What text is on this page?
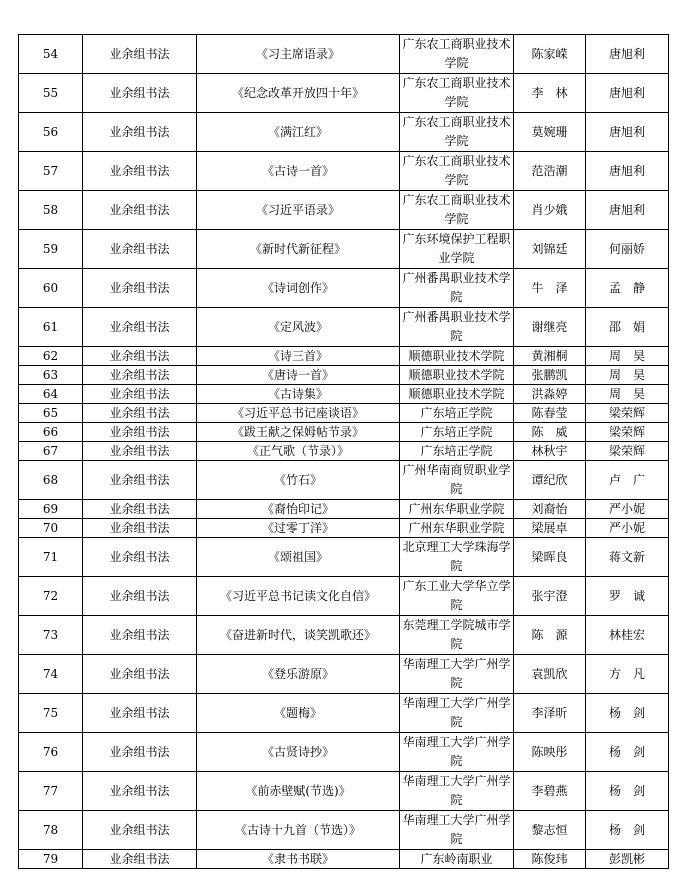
54	业余组书法	《习主席语录》	广东农工商职业技术学院	陈家嵘	唐旭利
55	业余组书法	《纪念改革开放四十年》	广东农工商职业技术学院	李　林	唐旭利
56	业余组书法	《满江红》	广东农工商职业技术学院	莫婉珊	唐旭利
57	业余组书法	《古诗一首》	广东农工商职业技术学院	范浩潮	唐旭利
58	业余组书法	《习近平语录》	广东农工商职业技术学院	肖少娥	唐旭利
59	业余组书法	《新时代新征程》	广东环境保护工程职业学院	刘锦廷	何丽娇
60	业余组书法	《诗词创作》	广州番禺职业技术学院	牛　泽	孟　静
61	业余组书法	《定风波》	广州番禺职业技术学院	谢继亮	邵　娟
62	业余组书法	《诗三首》	顺德职业技术学院	黄湘桐	周　昊
63	业余组书法	《唐诗一首》	顺德职业技术学院	张鹏凯	周　昊
64	业余组书法	《古诗集》	顺德职业技术学院	洪淼婷	周　昊
65	业余组书法	《习近平总书记座谈语》	广东培正学院	陈春莹	梁荣辉
66	业余组书法	《跋王献之保姆帖节录》	广东培正学院	陈　威	梁荣辉
67	业余组书法	《正气歌（节录）》	广东培正学院	林秋宇	梁荣辉
68	业余组书法	《竹石》	广州华南商贸职业学院	谭纪欣	卢　广
69	业余组书法	《裔怡印记》	广州东华职业学院	刘裔怡	严小妮
70	业余组书法	《过零丁洋》	广州东华职业学院	梁展卓	严小妮
71	业余组书法	《颂祖国》	北京理工大学珠海学院	梁晖良	蒋文新
72	业余组书法	《习近平总书记读文化自信》	广东工业大学华立学院	张宇澄	罗　诚
73	业余组书法	《奋进新时代，谈笑凯歌还》	东莞理工学院城市学院	陈　源	林桂宏
74	业余组书法	《登乐游原》	华南理工大学广州学院	袁凯欣	方　凡
75	业余组书法	《题梅》	华南理工大学广州学院	李泽昕	杨　剑
76	业余组书法	《古贤诗抄》	华南理工大学广州学院	陈映彤	杨　剑
77	业余组书法	《前赤壁赋(节选)》	华南理工大学广州学院	李碧燕	杨　剑
78	业余组书法	《古诗十九首（节选）》	华南理工大学广州学院	黎志恒	杨　剑
79	业余组书法	《隶书书联》	广东岭南职业	陈俊玮	彭凯彬
